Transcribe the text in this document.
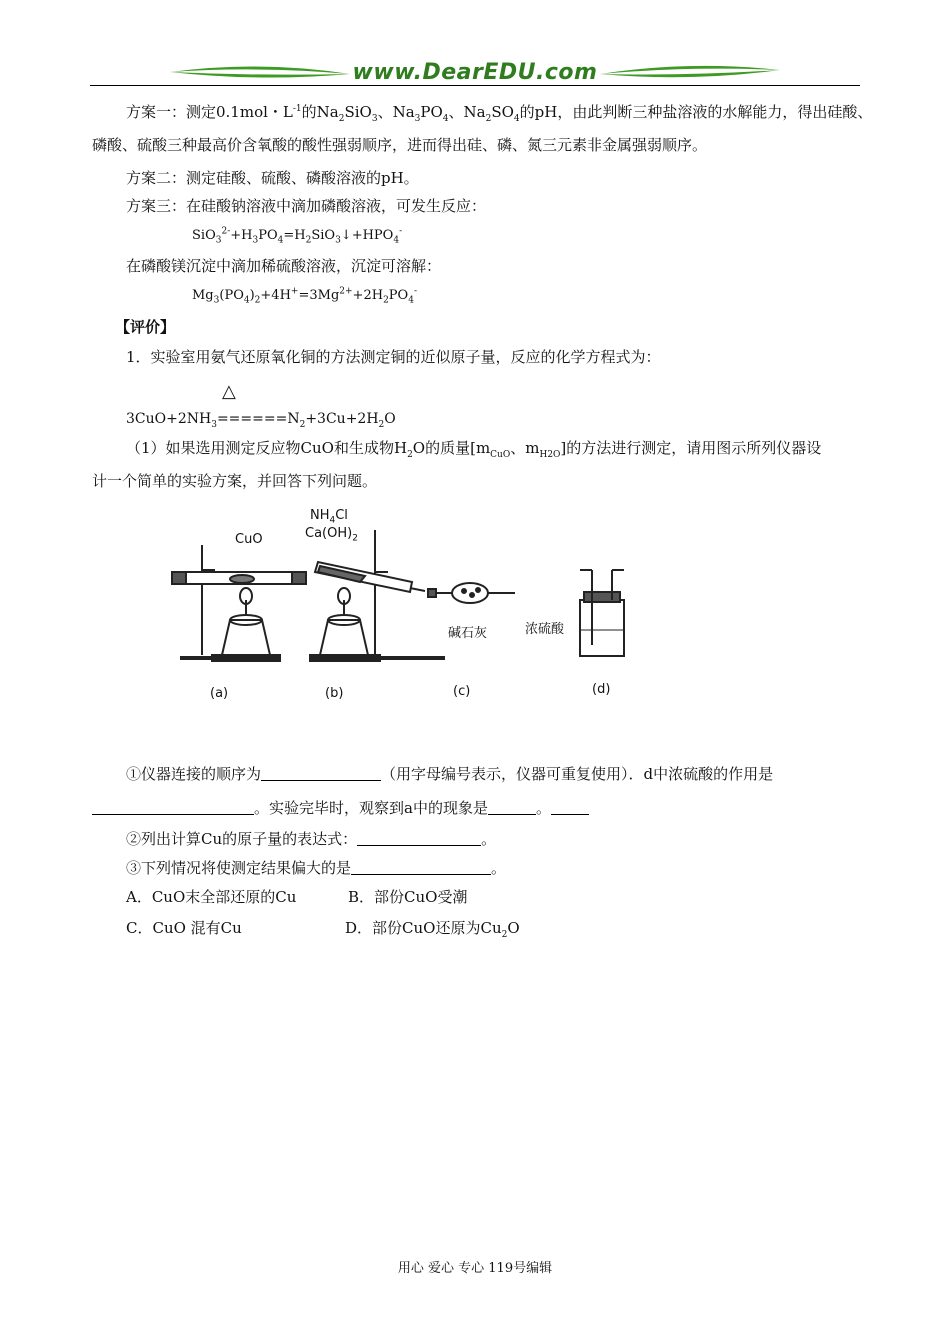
www.DearEDU.com
方案一：测定0.1mol・$L^{-1}$的$Na_2SiO_3$、$Na_3PO_4$、$Na_2SO_4$的pH，由此判断三种盐溶液的水解能力，得出硅酸、
磷酸、硫酸三种最高价含氧酸的酸性强弱顺序，进而得出硅、磷、氮三元素非金属强弱顺序。
方案二：测定硅酸、硫酸、磷酸溶液的pH。
方案三：在硅酸钠溶液中滴加磷酸溶液，可发生反应：
$SiO_3^{2-}+H_3PO_4=H_2SiO_3↓+HPO_4^-$
在磷酸镁沉淀中滴加稀硫酸溶液，沉淀可溶解：
$Mg_3(PO_4)_2+4H^+=3Mg^{2+}+2H_2PO_4^-$
【评价】
1．实验室用氨气还原氧化铜的方法测定铜的近似原子量，反应的化学方程式为：
△
$3CuO+2NH_3======N_2+3Cu+2H_2O$
（1）如果选用测定反应物CuO和生成物$H_2O$的质量[$m_{CuO}$、$m_{H2O}$]的方法进行测定，请用图示所列仪器设
计一个简单的实验方案，并回答下列问题。
CuO
$NH_4Cl$
$Ca(OH)_2$
碱石灰	浓硫酸
(a)	(b)	(c)	(d)
①仪器连接的顺序为	（用字母编号表示，仪器可重复使用）．d中浓硫酸的作用是
。实验完毕时，观察到a中的现象是	。
②列出计算Cu的原子量的表达式：	。
③下列情况将使测定结果偏大的是	。
A．CuO末全部还原的Cu	B．部份CuO受潮
C．CuO 混有Cu	D．部份CuO还原为$Cu_2O$
用心 爱心 专心 119号编辑
